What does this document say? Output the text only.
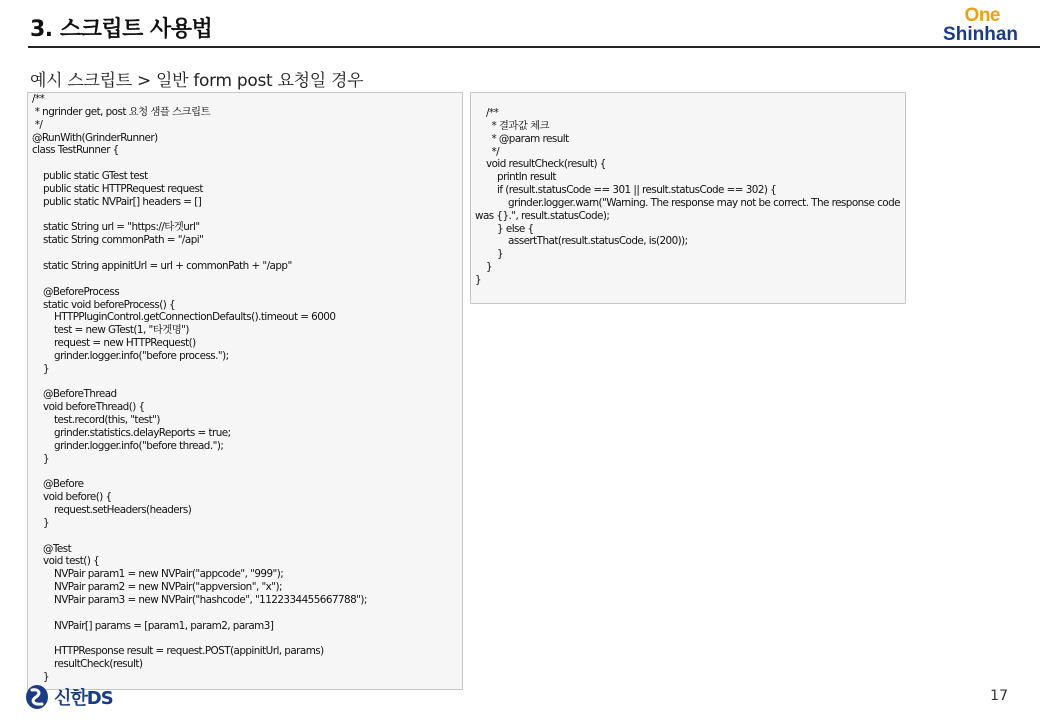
3. 스크립트 사용법
One
Shinhan
예시 스크립트 > 일반 form post 요청일 경우
/**
* ngrinder get, post 요청 샘플 스크립트
*/
@RunWith(GrinderRunner)
class TestRunner {

public static GTest test
public static HTTPRequest request
public static NVPair[] headers = []

static String url = "https://타겟url"
static String commonPath = "/api"

static String appinitUrl = url + commonPath + "/app"

@BeforeProcess
static void beforeProcess() {
HTTPPluginControl.getConnectionDefaults().timeout = 6000
test = new GTest(1, "타겟명")
request = new HTTPRequest()
grinder.logger.info("before process.");
}

@BeforeThread
void beforeThread() {
test.record(this, "test")
grinder.statistics.delayReports = true;
grinder.logger.info("before thread.");
}

@Before
void before() {
request.setHeaders(headers)
}

@Test
void test() {
NVPair param1 = new NVPair("appcode", "999");
NVPair param2 = new NVPair("appversion", "x");
NVPair param3 = new NVPair("hashcode", "1122334455667788");

NVPair[] params = [param1, param2, param3]

HTTPResponse result = request.POST(appinitUrl, params)
resultCheck(result)
}
/**
* 결과값 체크
* @param result
*/
void resultCheck(result) {
println result
if (result.statusCode == 301 || result.statusCode == 302) {
grinder.logger.warn("Warning. The response may not be correct. The response code was {}.", result.statusCode);
} else {
assertThat(result.statusCode, is(200));
}
}
}
신한DS	17
